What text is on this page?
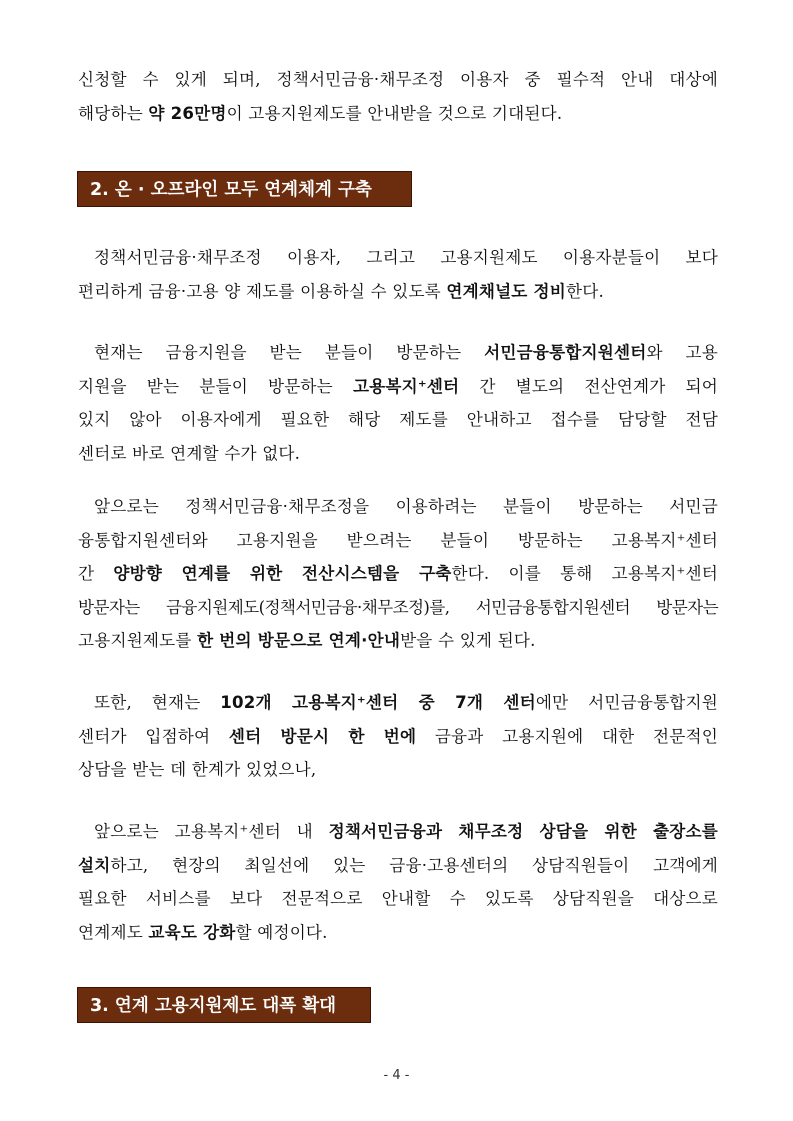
신청할 수 있게 되며, 정책서민금융·채무조정 이용자 중 필수적 안내 대상에
해당하는 약 26만명이 고용지원제도를 안내받을 것으로 기대된다.
2. 온 · 오프라인 모두 연계체계 구축
정책서민금융·채무조정 이용자, 그리고 고용지원제도 이용자분들이 보다
편리하게 금융·고용 양 제도를 이용하실 수 있도록 연계채널도 정비한다.
현재는 금융지원을 받는 분들이 방문하는 서민금융통합지원센터와 고용
지원을 받는 분들이 방문하는 고용복지⁺센터 간 별도의 전산연계가 되어
있지 않아 이용자에게 필요한 해당 제도를 안내하고 접수를 담당할 전담
센터로 바로 연계할 수가 없다.
앞으로는 정책서민금융·채무조정을 이용하려는 분들이 방문하는 서민금
융통합지원센터와 고용지원을 받으려는 분들이 방문하는 고용복지⁺센터
간 양방향 연계를 위한 전산시스템을 구축한다. 이를 통해 고용복지⁺센터
방문자는 금융지원제도(정책서민금융·채무조정)를, 서민금융통합지원센터 방문자는
고용지원제도를 한 번의 방문으로 연계·안내받을 수 있게 된다.
또한, 현재는 102개 고용복지⁺센터 중 7개 센터에만 서민금융통합지원
센터가 입점하여 센터 방문시 한 번에 금융과 고용지원에 대한 전문적인
상담을 받는 데 한계가 있었으나,
앞으로는 고용복지⁺센터 내 정책서민금융과 채무조정 상담을 위한 출장소를
설치하고, 현장의 최일선에 있는 금융·고용센터의 상담직원들이 고객에게
필요한 서비스를 보다 전문적으로 안내할 수 있도록 상담직원을 대상으로
연계제도 교육도 강화할 예정이다.
3. 연계 고용지원제도 대폭 확대
- 4 -
